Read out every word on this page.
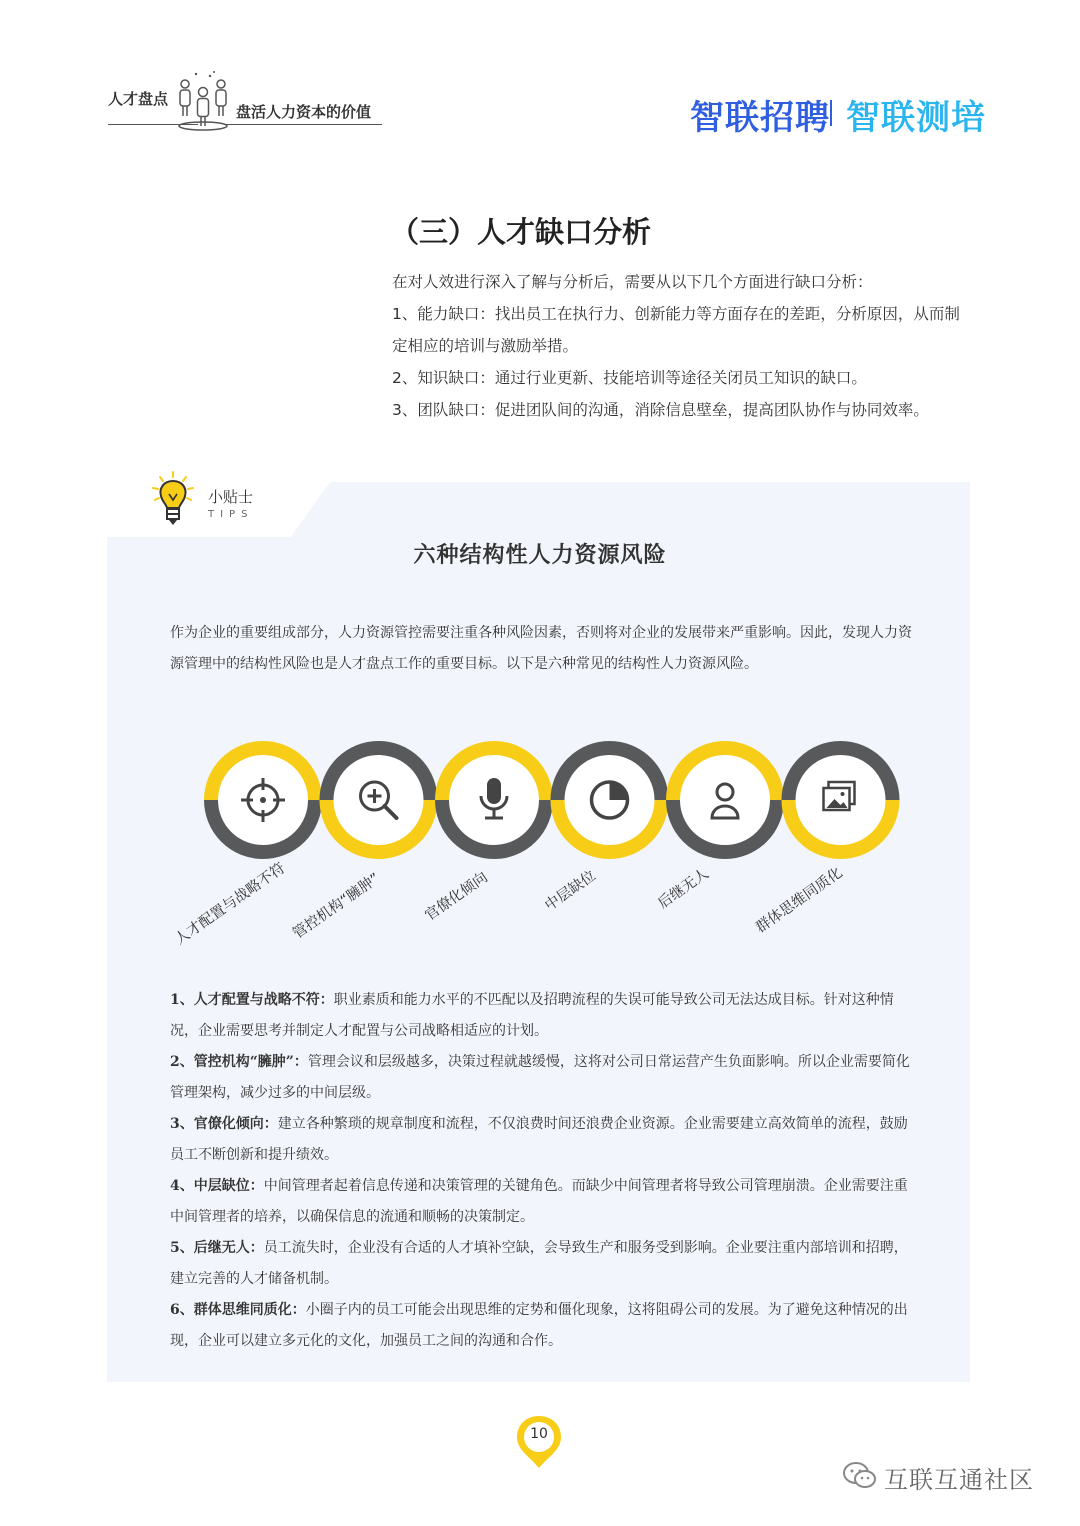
人才盘点
盘活人力资本的价值	智联招聘 智联测培
（三）人才缺口分析
在对人效进行深入了解与分析后，需要从以下几个方面进行缺口分析：
1、能力缺口：找出员工在执行力、创新能力等方面存在的差距，分析原因，从而制定相应的培训与激励举措。
2、知识缺口：通过行业更新、技能培训等途径关闭员工知识的缺口。
3、团队缺口：促进团队间的沟通，消除信息壁垒，提高团队协作与协同效率。
小贴士
TIPS
六种结构性人力资源风险
作为企业的重要组成部分，人力资源管控需要注重各种风险因素，否则将对企业的发展带来严重影响。因此，发现人力资源管理中的结构性风险也是人才盘点工作的重要目标。以下是六种常见的结构性人力资源风险。
人才配置与战略不符 管控机构“臃肿”	官僚化倾向	中层缺位	后继无人	群体思维同质化

1、人才配置与战略不符：职业素质和能力水平的不匹配以及招聘流程的失误可能导致公司无法达成目标。针对这种情况，企业需要思考并制定人才配置与公司战略相适应的计划。

2、管控机构“臃肿”：管理会议和层级越多，决策过程就越缓慢，这将对公司日常运营产生负面影响。所以企业需要简化管理架构，减少过多的中间层级。

3、官僚化倾向：建立各种繁琐的规章制度和流程，不仅浪费时间还浪费企业资源。企业需要建立高效简单的流程，鼓励员工不断创新和提升绩效。

4、中层缺位：中间管理者起着信息传递和决策管理的关键角色。而缺少中间管理者将导致公司管理崩溃。企业需要注重中间管理者的培养，以确保信息的流通和顺畅的决策制定。

5、后继无人：员工流失时，企业没有合适的人才填补空缺，会导致生产和服务受到影响。企业要注重内部培训和招聘，建立完善的人才储备机制。

6、群体思维同质化：小圈子内的员工可能会出现思维的定势和僵化现象，这将阻碍公司的发展。为了避免这种情况的出现，企业可以建立多元化的文化，加强员工之间的沟通和合作。

10
互联互通社区
